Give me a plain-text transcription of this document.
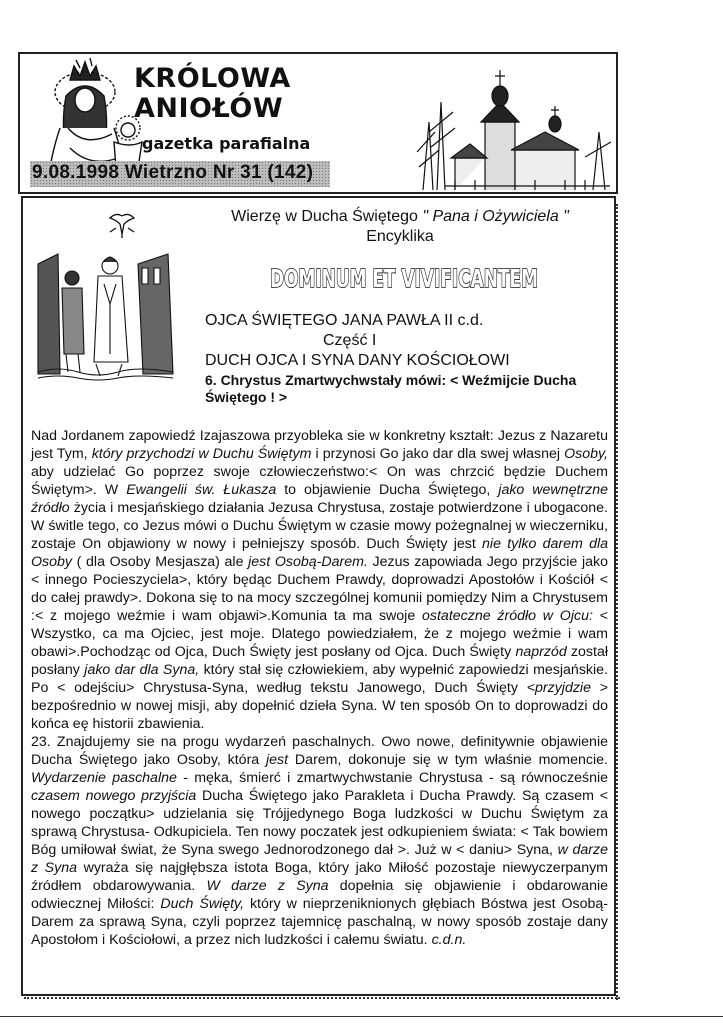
KRÓLOWA
ANIOŁÓW
gazetka parafialna
9.08.1998 Wietrzno Nr 31 (142)
Wierzę w Ducha Świętego " Pana i Ożywiciela "
Encyklika
DOMINUM ET VIVIFICANTEM
OJCA ŚWIĘTEGO JANA PAWŁA II c.d.
Część I
DUCH OJCA I SYNA DANY KOŚCIOŁOWI
6. Chrystus Zmartwychwstały mówi: < Weźmijcie Ducha Świętego ! >

Nad Jordanem zapowiedź Izajaszowa przyobleka sie w konkretny kształt: Jezus z Nazaretu jest Tym, który przychodzi w Duchu Świętym i przynosi Go jako dar dla swej własnej Osoby, aby udzielać Go poprzez swoje człowieczeństwo:< On was chrzcić będzie Duchem Świętym>. W Ewangelii św. Łukasza to objawienie Ducha Świętego, jako wewnętrzne źródło życia i mesjańskiego działania Jezusa Chrystusa, zostaje potwierdzone i ubogacone. W świtle tego, co Jezus mówi o Duchu Świętym w czasie mowy pożegnalnej w wieczerniku, zostaje On objawiony w nowy i pełniejszy sposób. Duch Święty jest nie tylko darem dla Osoby ( dla Osoby Mesjasza) ale jest Osobą-Darem. Jezus zapowiada Jego przyjście jako < innego Pocieszyciela>, który będąc Duchem Prawdy, doprowadzi Apostołów i Kościół < do całej prawdy>. Dokona się to na mocy szczególnej komunii pomiędzy Nim a Chrystusem :< z mojego weźmie i wam objawi>.Komunia ta ma swoje ostateczne źródło w Ojcu: < Wszystko, ca ma Ojciec, jest moje. Dlatego powiedziałem, że z mojego weźmie i wam obawi>.Pochodząc od Ojca, Duch Święty jest posłany od Ojca. Duch Święty naprzód został posłany jako dar dla Syna, który stał się człowiekiem, aby wypełnić zapowiedzi mesjańskie. Po < odejściu> Chrystusa-Syna, według tekstu Janowego, Duch Święty <przyjdzie > bezpośrednio w nowej misji, aby dopełnić dzieła Syna. W ten sposób On to doprowadzi do końca eę historii zbawienia.

23. Znajdujemy sie na progu wydarzeń paschalnych. Owo nowe, definitywnie objawienie Ducha Świętego jako Osoby, która jest Darem, dokonuje się w tym właśnie momencie. Wydarzenie paschalne - męka, śmierć i zmartwychwstanie Chrystusa - są równocześnie czasem nowego przyjścia Ducha Świętego jako Parakleta i Ducha Prawdy. Są czasem < nowego początku> udzielania się Trójjedynego Boga ludzkości w Duchu Świętym za sprawą Chrystusa- Odkupiciela. Ten nowy poczatek jest odkupieniem świata: < Tak bowiem Bóg umiłował świat, że Syna swego Jednorodzonego dał >. Już w < daniu> Syna, w darze z Syna wyraża się najgłębsza istota Boga, który jako Miłość pozostaje niewyczerpanym źródłem obdarowywania. W darze z Syna dopełnia się objawienie i obdarowanie odwiecznej Miłości: Duch Święty, który w nieprzeniknionych głębiach Bóstwa jest Osobą-Darem za sprawą Syna, czyli poprzez tajemnicę paschalną, w nowy sposób zostaje dany Apostołom i Kościołowi, a przez nich ludzkości i całemu światu. c.d.n.
